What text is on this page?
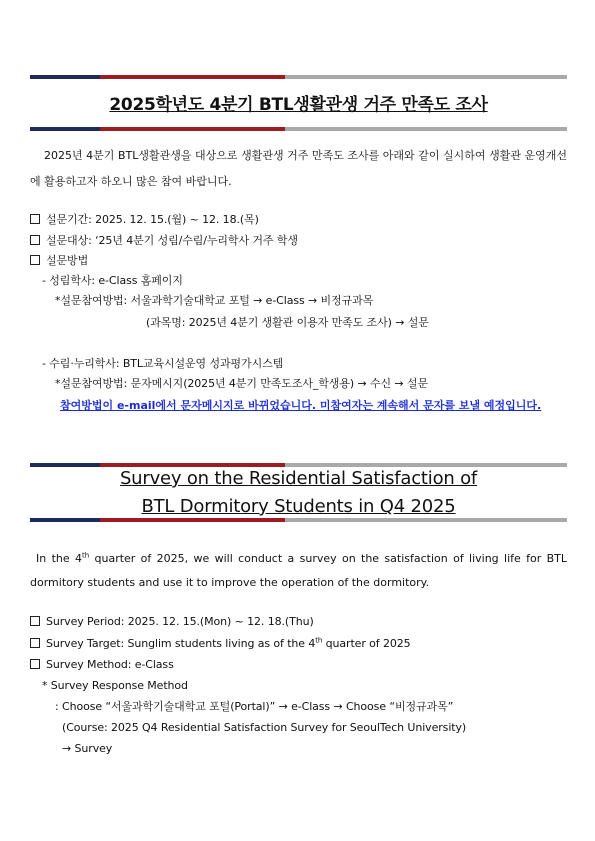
2025학년도 4분기 BTL생활관생 거주 만족도 조사
2025년 4분기 BTL생활관생을 대상으로 생활관생 거주 만족도 조사를 아래와 같이 실시하여 생활관 운영개선에 활용하고자 하오니 많은 참여 바랍니다.
설문기간: 2025. 12. 15.(월) ~ 12. 18.(목)
설문대상: ‘25년 4분기 성림/수림/누리학사 거주 학생
설문방법
- 성림학사: e-Class 홈페이지
*설문참여방법: 서울과학기술대학교 포털 → e-Class → 비정규과목
(과목명: 2025년 4분기 생활관 이용자 만족도 조사) → 설문
- 수림·누리학사: BTL교육시설운영 성과평가시스템
*설문참여방법: 문자메시지(2025년 4분기 만족도조사_학생용) → 수신 → 설문
참여방법이 e-mail에서 문자메시지로 바뀌었습니다. 미참여자는 계속해서 문자를 보낼 예정입니다.
Survey on the Residential Satisfaction of
BTL Dormitory Students in Q4 2025
In the 4th quarter of 2025, we will conduct a survey on the satisfaction of living life for BTL dormitory students and use it to improve the operation of the dormitory.
Survey Period: 2025. 12. 15.(Mon) ~ 12. 18.(Thu)
Survey Target: Sunglim students living as of the 4th quarter of 2025
Survey Method: e-Class
* Survey Response Method
: Choose “서울과학기술대학교 포털(Portal)” → e-Class → Choose “비정규과목”
(Course: 2025 Q4 Residential Satisfaction Survey for SeoulTech University)
→ Survey
